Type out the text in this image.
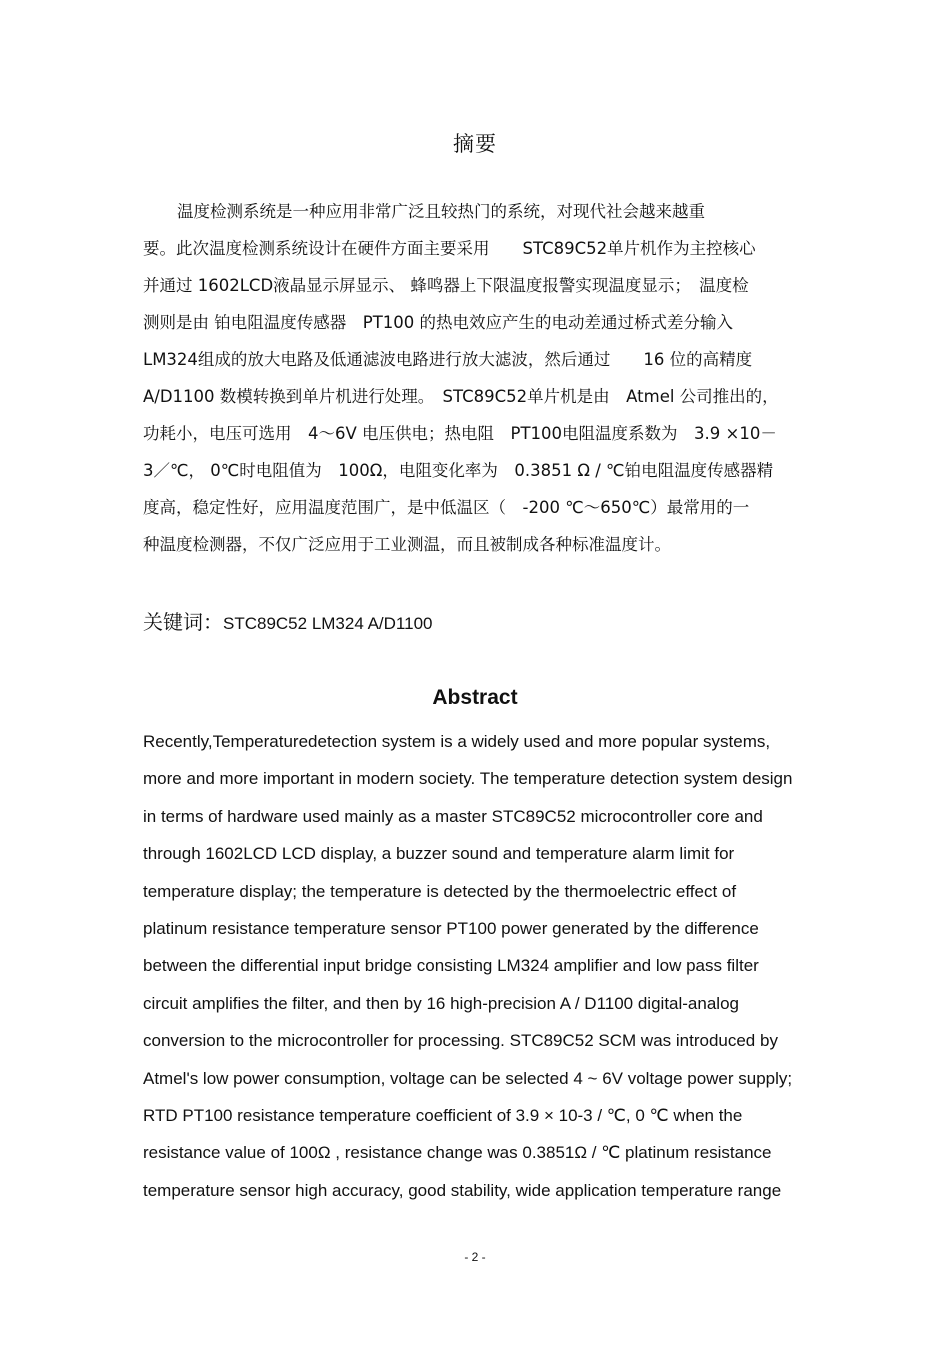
摘要
温度检测系统是一种应用非常广泛且较热门的系统，对现代社会越来越重
要。此次温度检测系统设计在硬件方面主要采用　　STC89C52单片机作为主控核心
并通过 1602LCD液晶显示屏显示、 蜂鸣器上下限温度报警实现温度显示；　温度检
测则是由 铂电阻温度传感器　PT100 的热电效应产生的电动差通过桥式差分输入
LM324组成的放大电路及低通滤波电路进行放大滤波，然后通过　　16 位的高精度
A/D1100 数模转换到单片机进行处理。　STC89C52单片机是由　Atmel 公司推出的，
功耗小，电压可选用　4～6V 电压供电；热电阻　PT100电阻温度系数为　3.9 ×10－
3／℃， 0℃时电阻值为　100Ω，电阻变化率为　0.3851 Ω / ℃铂电阻温度传感器精
度高，稳定性好，应用温度范围广，是中低温区（　-200 ℃～650℃）最常用的一
种温度检测器，不仅广泛应用于工业测温，而且被制成各种标准温度计。
关键词：STC89C52 LM324 A/D1100
Abstract
Recently,Temperaturedetection system is a widely used and more popular systems,
more and more important in modern society. The temperature detection system design
in terms of hardware used mainly as a master STC89C52 microcontroller core and
through 1602LCD LCD display, a buzzer sound and temperature alarm limit for
temperature display; the temperature is detected by the thermoelectric effect of
platinum resistance temperature sensor PT100 power generated by the difference
between the differential input bridge consisting LM324 amplifier and low pass filter
circuit amplifies the filter, and then by 16 high-precision A / D1100 digital-analog
conversion to the microcontroller for processing. STC89C52 SCM was introduced by
Atmel's low power consumption, voltage can be selected 4 ~ 6V voltage power supply;
RTD PT100 resistance temperature coefficient of 3.9 × 10-3 / ℃, 0 ℃ when the
resistance value of 100Ω , resistance change was 0.3851Ω / ℃ platinum resistance
temperature sensor high accuracy, good stability, wide application temperature range
- 2 -
